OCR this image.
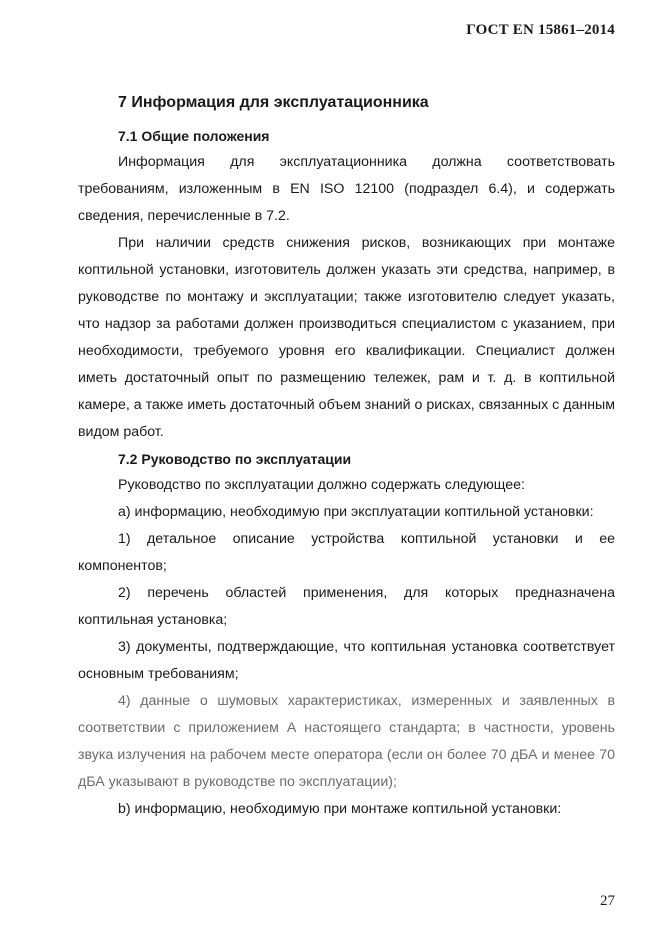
ГОСТ EN 15861–2014
7 Информация для эксплуатационника
7.1 Общие положения

Информация для эксплуатационника должна соответствовать требованиям, изложенным в EN ISO 12100 (подраздел 6.4), и содержать сведения, перечисленные в 7.2.

При наличии средств снижения рисков, возникающих при монтаже коптильной установки, изготовитель должен указать эти средства, например, в руководстве по монтажу и эксплуатации; также изготовителю следует указать, что надзор за работами должен производиться специалистом с указанием, при необходимости, требуемого уровня его квалификации. Специалист должен иметь достаточный опыт по размещению тележек, рам и т. д. в коптильной камере, а также иметь достаточный объем знаний о рисках, связанных с данным видом работ.

7.2 Руководство по эксплуатации

Руководство по эксплуатации должно содержать следующее:

a) информацию, необходимую при эксплуатации коптильной установки:

1) детальное описание устройства коптильной установки и ее компонентов;

2) перечень областей применения, для которых предназначена коптильная установка;

3) документы, подтверждающие, что коптильная установка соответствует основным требованиям;

4) данные о шумовых характеристиках, измеренных и заявленных в соответствии с приложением А настоящего стандарта; в частности, уровень звука излучения на рабочем месте оператора (если он более 70 дБА и менее 70 дБА указывают в руководстве по эксплуатации);

b) информацию, необходимую при монтаже коптильной установки:

27
